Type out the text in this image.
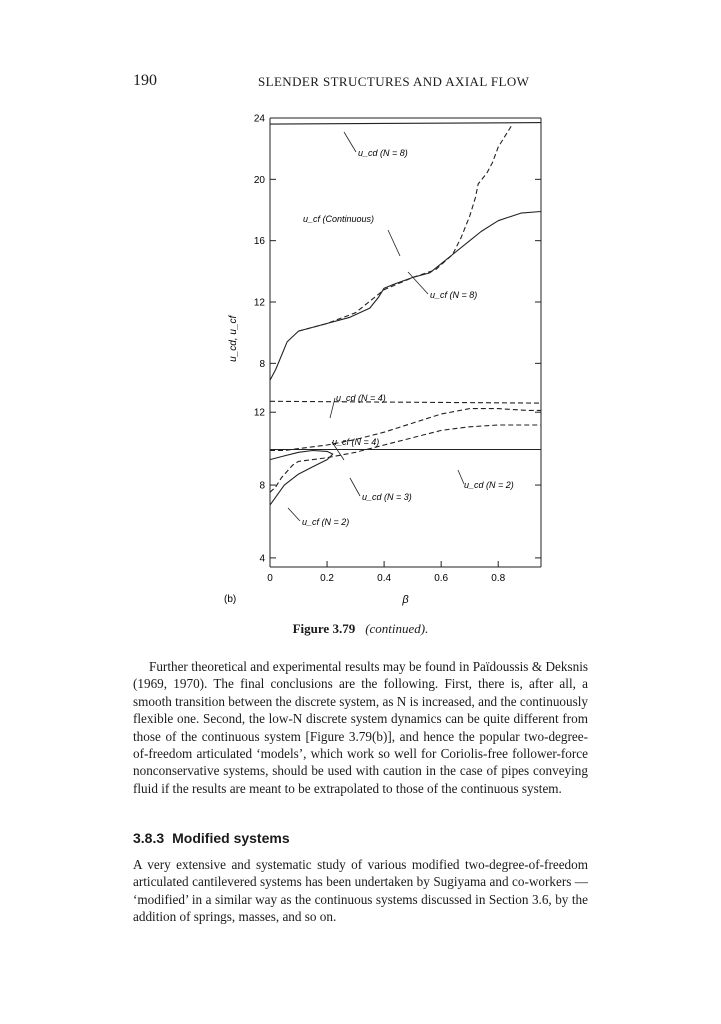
190	SLENDER STRUCTURES AND AXIAL FLOW
8
12
16
20
24
u_cd, u_cf
u_cd (N = 8)
u_cf (Continuous)
u_cf (N = 8)
4
8
12
0	0.2	0.4	0.6	0.8
β
u_cd (N = 4)
u_cf (N = 4)
u_cd (N = 2)
u_cd (N = 3)
u_cf (N = 2)
(b)
Figure 3.79 (continued).

Further theoretical and experimental results may be found in Païdoussis & Deksnis (1969, 1970). The final conclusions are the following. First, there is, after all, a smooth transition between the discrete system, as N is increased, and the continuously flexible one. Second, the low-N discrete system dynamics can be quite different from those of the continuous system [Figure 3.79(b)], and hence the popular two-degree-of-freedom articulated ‘models’, which work so well for Coriolis-free follower-force nonconservative systems, should be used with caution in the case of pipes conveying fluid if the results are meant to be extrapolated to those of the continuous system.

3.8.3 Modified systems

A very extensive and systematic study of various modified two-degree-of-freedom articulated cantilevered systems has been undertaken by Sugiyama and co-workers — ‘modified’ in a similar way as the continuous systems discussed in Section 3.6, by the addition of springs, masses, and so on.
